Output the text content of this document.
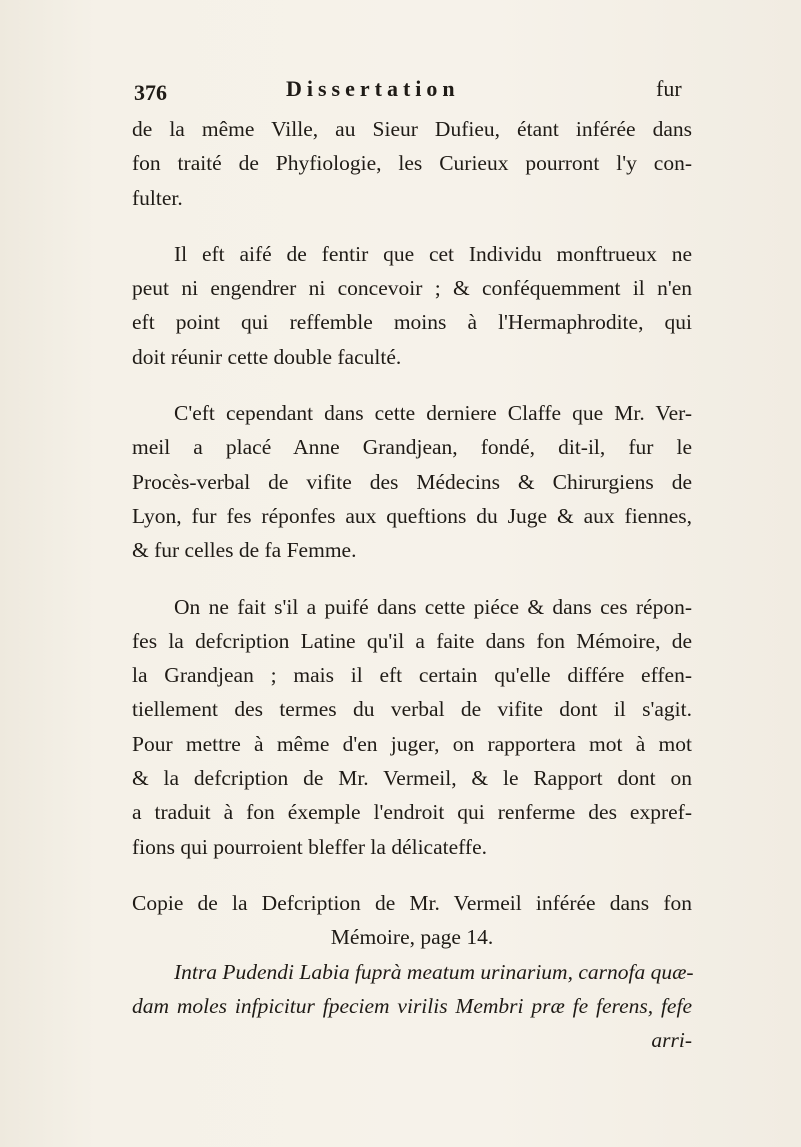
376	Dissertation	fur
de la même Ville, au Sieur Dufieu, étant inférée dans
fon traité de Phyfiologie, les Curieux pourront l'y con-
fulter.
Il eft aifé de fentir que cet Individu monftrueux ne
peut ni engendrer ni concevoir ; & conféquemment il n'en
eft point qui reffemble moins à l'Hermaphrodite, qui
doit réunir cette double faculté.
C'eft cependant dans cette derniere Claffe que Mr. Ver-
meil a placé Anne Grandjean, fondé, dit-il, fur le
Procès-verbal de vifite des Médecins & Chirurgiens de
Lyon, fur fes réponfes aux queftions du Juge & aux fiennes,
& fur celles de fa Femme.
On ne fait s'il a puifé dans cette piéce & dans ces répon-
fes la defcription Latine qu'il a faite dans fon Mémoire, de
la Grandjean ; mais il eft certain qu'elle différe effen-
tiellement des termes du verbal de vifite dont il s'agit.
Pour mettre à même d'en juger, on rapportera mot à mot
& la defcription de Mr. Vermeil, & le Rapport dont on
a traduit à fon éxemple l'endroit qui renferme des expref-
fions qui pourroient bleffer la délicateffe.
Copie de la Defcription de Mr. Vermeil inférée dans fon
Mémoire, page 14.
Intra Pudendi Labia fuprà meatum urinarium, carnofa quæ-
dam moles infpicitur fpeciem virilis Membri præ fe ferens, fefe
arri-
